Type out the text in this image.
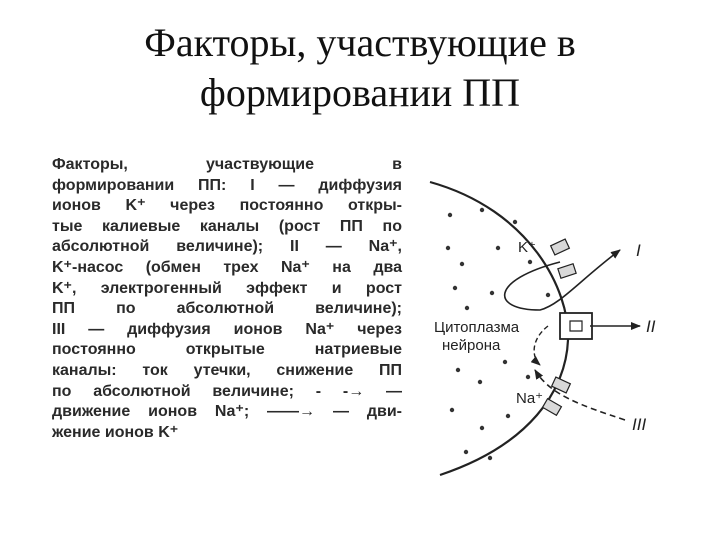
Факторы, участвующие в
формировании ПП
Факторы, участвующие в
формировании ПП: I — диффузия
ионов K⁺ через постоянно откры-
тые калиевые каналы (рост ПП по
абсолютной величине); II — Na⁺,
K⁺-насос (обмен трех Na⁺ на два
K⁺, электрогенный эффект и рост
ПП по абсолютной величине);
III — диффузия ионов Na⁺ через
постоянно открытые натриевые
каналы: ток утечки, снижение ПП
по абсолютной величине; ‑ ‑→ —
движение ионов Na⁺; ——→ — дви-
жение ионов K⁺
K⁺
Na⁺
Цитоплазма
нейрона
I
II
III
